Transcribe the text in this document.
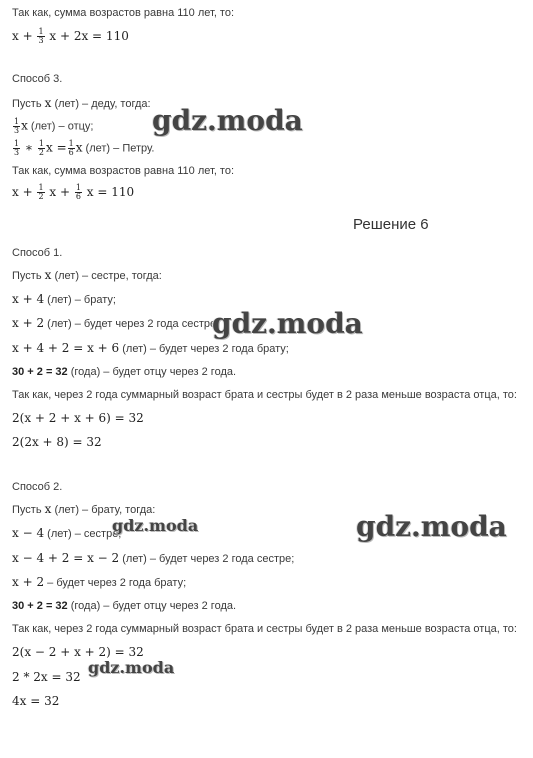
Так как, сумма возрастов равна 110 лет, то:
$x + \frac{1}{3}$ x + 2x = 110
Способ 3.
Пусть x (лет) – деду, тогда:
$\frac{1}{3}$ x (лет) – отцу;
$\frac{1}{3}$ ∗ $\frac{1}{2}$ $x = \frac{1}{6}$ x (лет) – Петру.
Так как, сумма возрастов равна 110 лет, то:
$x + \frac{1}{2}$ $x + \frac{1}{6}$ x = 110
Решение 6
Способ 1.
Пусть x (лет) – сестре, тогда:
x + 4 (лет) – брату;
x + 2 (лет) – будет через 2 года сестре;
x + 4 + 2 = x + 6 (лет) – будет через 2 года брату;
30 + 2 = 32 (года) – будет отцу через 2 года.
Так как, через 2 года суммарный возраст брата и сестры будет в 2 раза меньше возраста отца, то:
2(x + 2 + x + 6) = 32
2(2x + 8) = 32
Способ 2.
Пусть x (лет) – брату, тогда:
x − 4 (лет) – сестре;
x − 4 + 2 = x − 2 (лет) – будет через 2 года сестре;
x + 2 – будет через 2 года брату;
30 + 2 = 32 (года) – будет отцу через 2 года.
Так как, через 2 года суммарный возраст брата и сестры будет в 2 раза меньше возраста отца, то:
2(x − 2 + x + 2) = 32
2 * 2x = 32
4x = 32
gdz.moda
gdz.moda
gdz.moda
gdz.moda
gdz.moda
